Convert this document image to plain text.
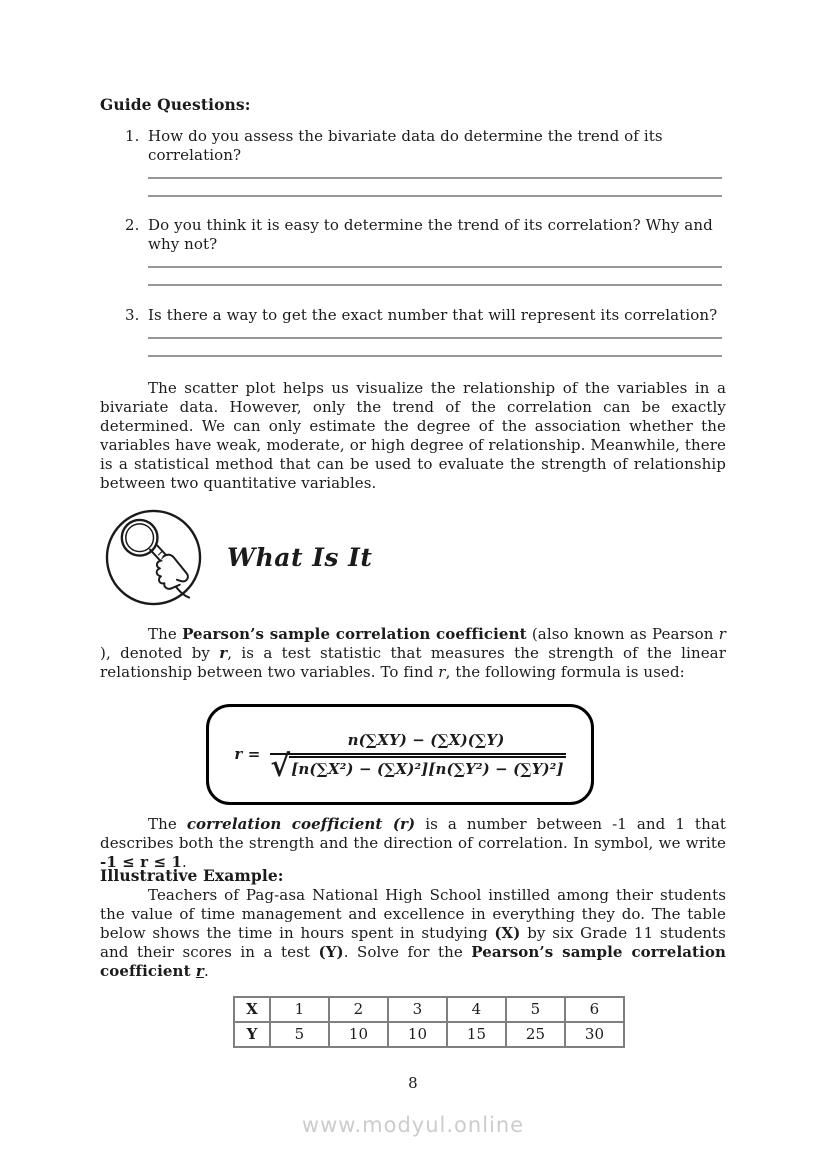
Guide Questions:
1. How do you assess the bivariate data do determine the trend of its correlation?
2. Do you think it is easy to determine the trend of its correlation? Why and why not?
3. Is there a way to get the exact number that will represent its correlation?

The scatter plot helps us visualize the relationship of the variables in a bivariate data. However, only the trend of the correlation can be exactly determined. We can only estimate the degree of the association whether the variables have weak, moderate, or high degree of relationship. Meanwhile, there is a statistical method that can be used to evaluate the strength of relationship between two quantitative variables.

What Is It

The Pearson’s sample correlation coefficient (also known as Pearson r ), denoted by r, is a test statistic that measures the strength of the linear relationship between two variables. To find r, the following formula is used:

$r = \frac{n(\sum XY) - (\sum X)(\sum Y)}{\text{√ [n(∑X²) − (∑X)²][n(∑Y²) − (∑Y)²]}}$

The correlation coefficient (r) is a number between -1 and 1 that describes both the strength and the direction of correlation. In symbol, we write -1 ≤ r ≤ 1.

Illustrative Example:

Teachers of Pag-asa National High School instilled among their students the value of time management and excellence in everything they do. The table below shows the time in hours spent in studying (X) by six Grade 11 students and their scores in a test (Y). Solve for the Pearson’s sample correlation coefficient r.

X	1	2	3	4	5	6
Y	5	10	10	15	25	30
8
www.modyul.online
